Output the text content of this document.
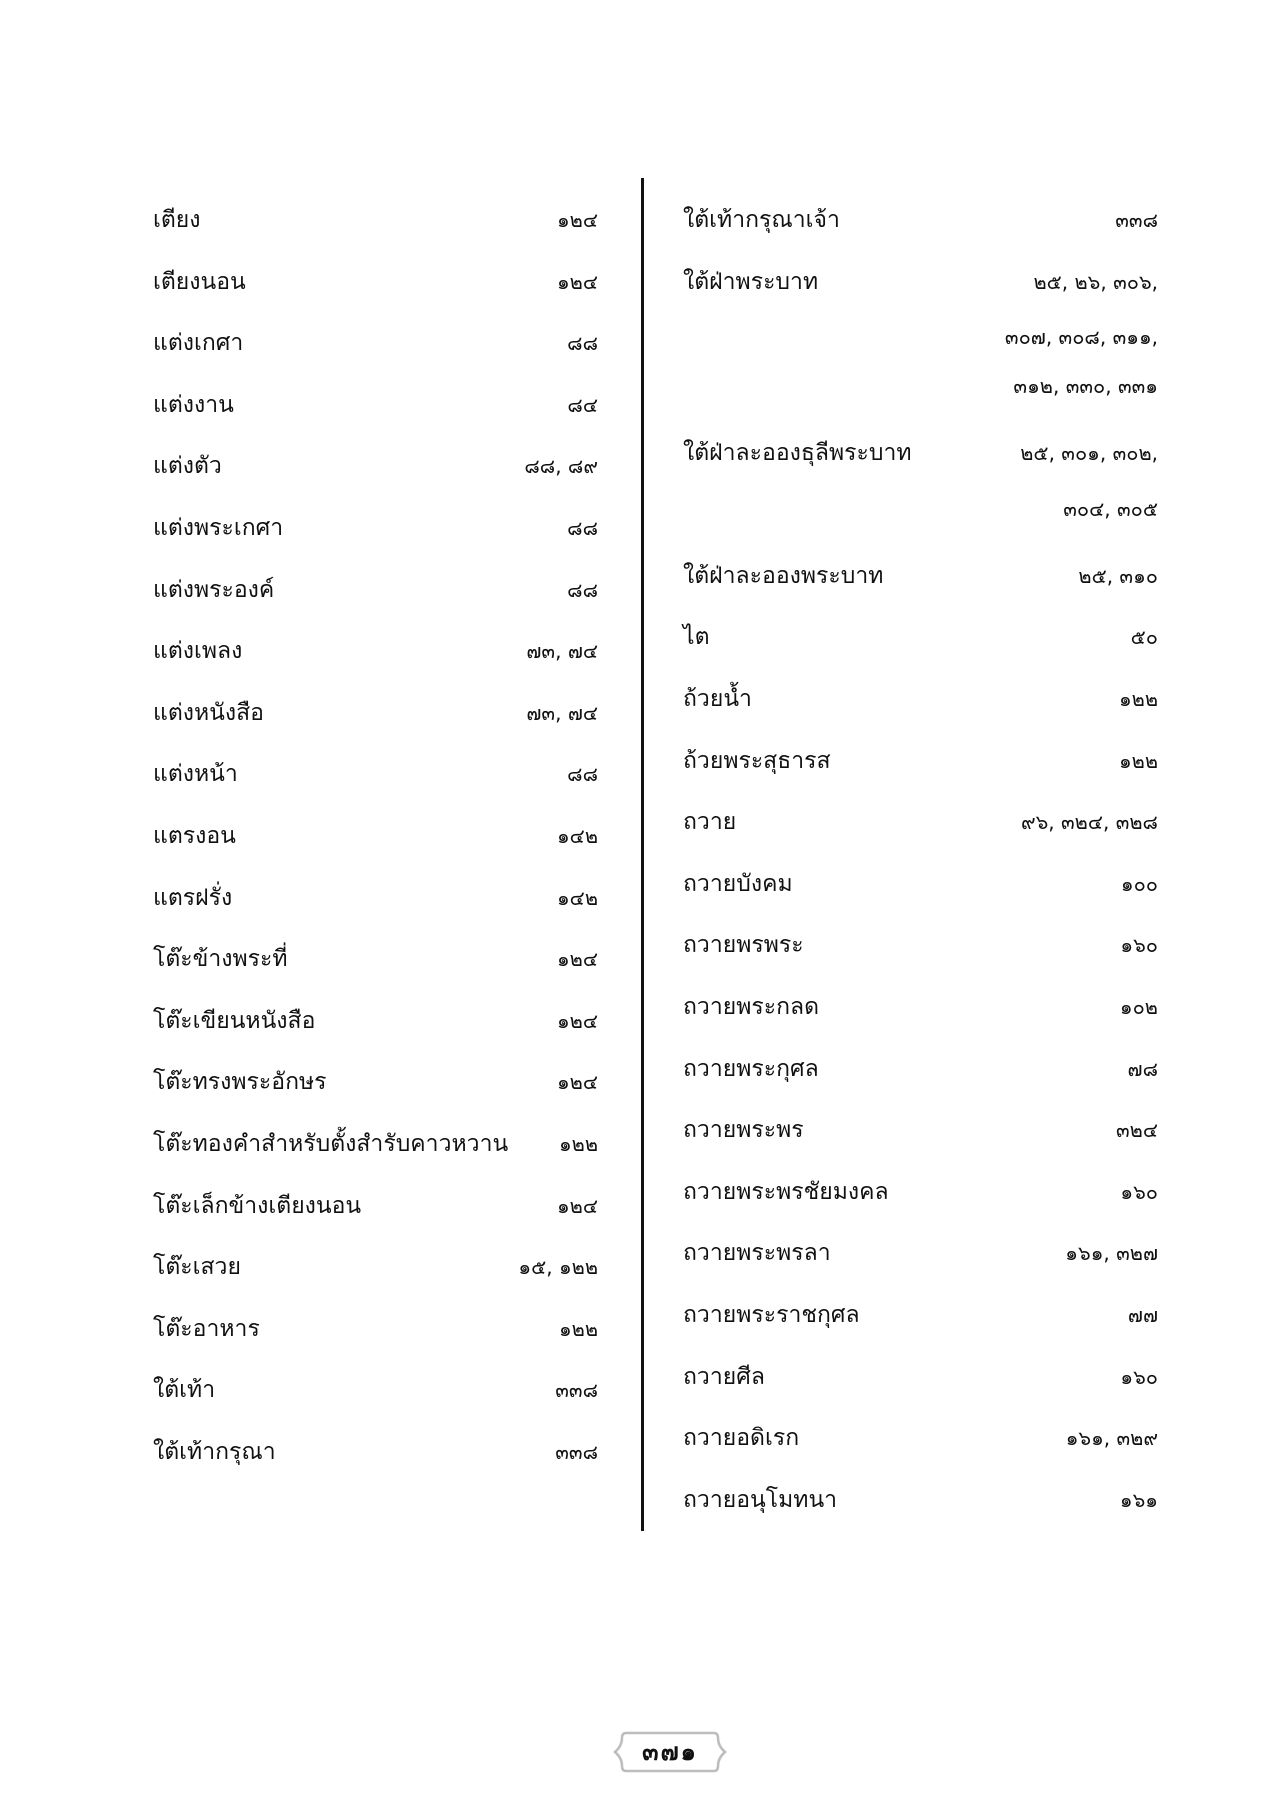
เตียง	๑๒๔
เตียงนอน	๑๒๔
แต่งเกศา	๘๘
แต่งงาน	๘๔
แต่งตัว	๘๘, ๘๙
แต่งพระเกศา	๘๘
แต่งพระองค์	๘๘
แต่งเพลง	๗๓, ๗๔
แต่งหนังสือ	๗๓, ๗๔
แต่งหน้า	๘๘
แตรงอน	๑๔๒
แตรฝรั่ง	๑๔๒
โต๊ะข้างพระที่	๑๒๔
โต๊ะเขียนหนังสือ	๑๒๔
โต๊ะทรงพระอักษร	๑๒๔
โต๊ะทองคำสำหรับตั้งสำรับคาวหวาน	๑๒๒
โต๊ะเล็กข้างเตียงนอน	๑๒๔
โต๊ะเสวย	๑๕, ๑๒๒
โต๊ะอาหาร	๑๒๒
ใต้เท้า	๓๓๘
ใต้เท้ากรุณา	๓๓๘
ใต้เท้ากรุณาเจ้า	๓๓๘
ใต้ฝ่าพระบาท	๒๕, ๒๖, ๓๐๖,
๓๐๗, ๓๐๘, ๓๑๑,
๓๑๒, ๓๓๐, ๓๓๑
ใต้ฝ่าละอองธุลีพระบาท	๒๕, ๓๐๑, ๓๐๒,
๓๐๔, ๓๐๕
ใต้ฝ่าละอองพระบาท	๒๕, ๓๑๐
ไต	๕๐
ถ้วยน้ำ	๑๒๒
ถ้วยพระสุธารส	๑๒๒
ถวาย	๙๖, ๓๒๔, ๓๒๘
ถวายบังคม	๑๐๐
ถวายพรพระ	๑๖๐
ถวายพระกลด	๑๐๒
ถวายพระกุศล	๗๘
ถวายพระพร	๓๒๔
ถวายพระพรชัยมงคล	๑๖๐
ถวายพระพรลา	๑๖๑, ๓๒๗
ถวายพระราชกุศล	๗๗
ถวายศีล	๑๖๐
ถวายอดิเรก	๑๖๑, ๓๒๙
ถวายอนุโมทนา	๑๖๑
๓๗๑
